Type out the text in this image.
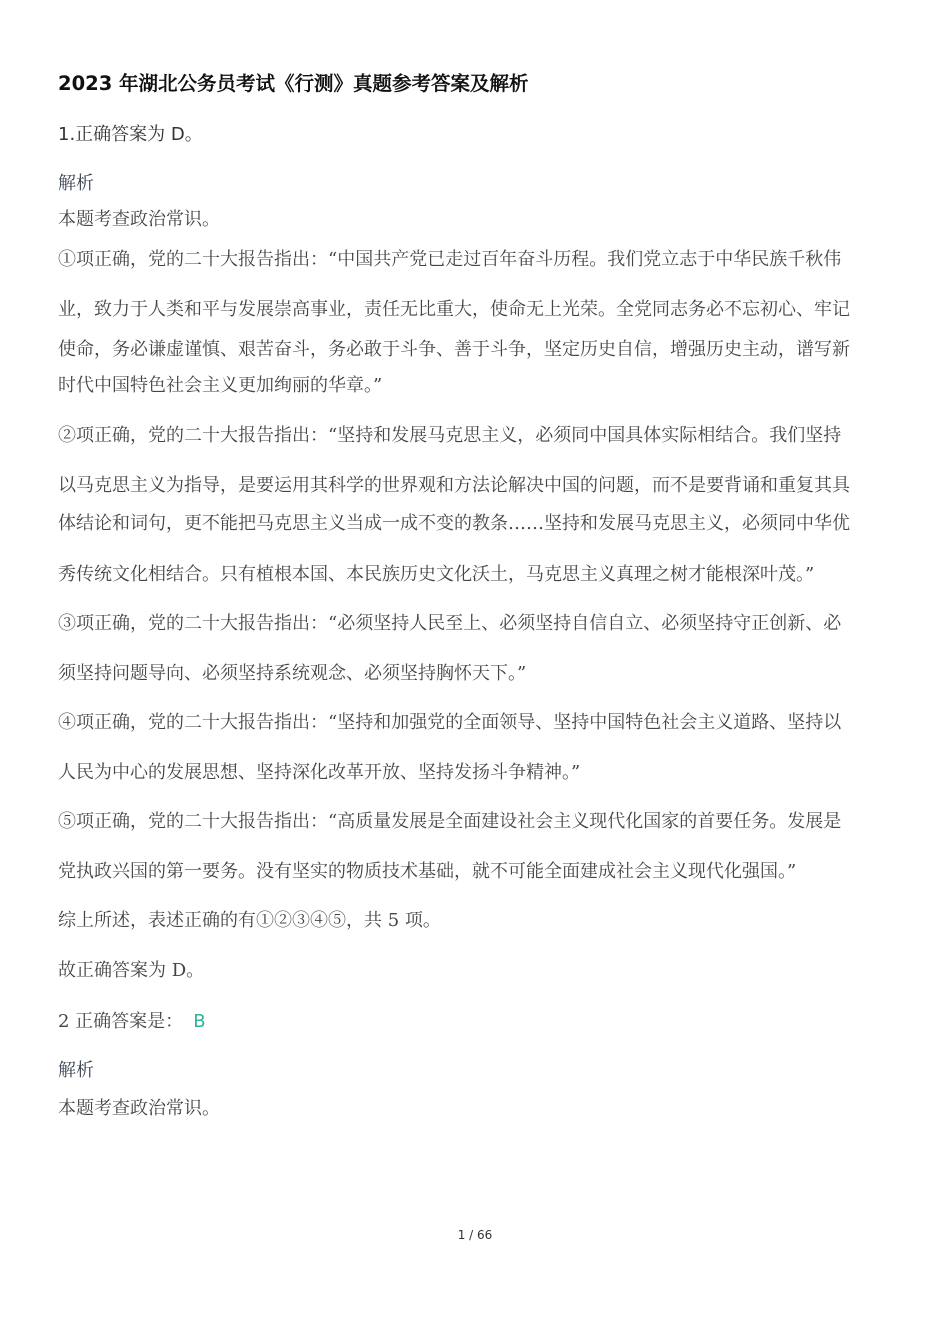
2023 年湖北公务员考试《行测》真题参考答案及解析
1.正确答案为 D。
解析
本题考查政治常识。
①项正确，党的二十大报告指出：“中国共产党已走过百年奋斗历程。我们党立志于中华民族千秋伟
业，致力于人类和平与发展崇高事业，责任无比重大，使命无上光荣。全党同志务必不忘初心、牢记
使命，务必谦虚谨慎、艰苦奋斗，务必敢于斗争、善于斗争，坚定历史自信，增强历史主动，谱写新
时代中国特色社会主义更加绚丽的华章。”
②项正确，党的二十大报告指出：“坚持和发展马克思主义，必须同中国具体实际相结合。我们坚持
以马克思主义为指导，是要运用其科学的世界观和方法论解决中国的问题，而不是要背诵和重复其具
体结论和词句，更不能把马克思主义当成一成不变的教条……坚持和发展马克思主义，必须同中华优
秀传统文化相结合。只有植根本国、本民族历史文化沃土，马克思主义真理之树才能根深叶茂。”
③项正确，党的二十大报告指出：“必须坚持人民至上、必须坚持自信自立、必须坚持守正创新、必
须坚持问题导向、必须坚持系统观念、必须坚持胸怀天下。”
④项正确，党的二十大报告指出：“坚持和加强党的全面领导、坚持中国特色社会主义道路、坚持以
人民为中心的发展思想、坚持深化改革开放、坚持发扬斗争精神。”
⑤项正确，党的二十大报告指出：“高质量发展是全面建设社会主义现代化国家的首要任务。发展是
党执政兴国的第一要务。没有坚实的物质技术基础，就不可能全面建成社会主义现代化强国。”
综上所述，表述正确的有①②③④⑤，共 5 项。
故正确答案为 D。
2 正确答案是： B
解析
本题考查政治常识。
1 / 66
